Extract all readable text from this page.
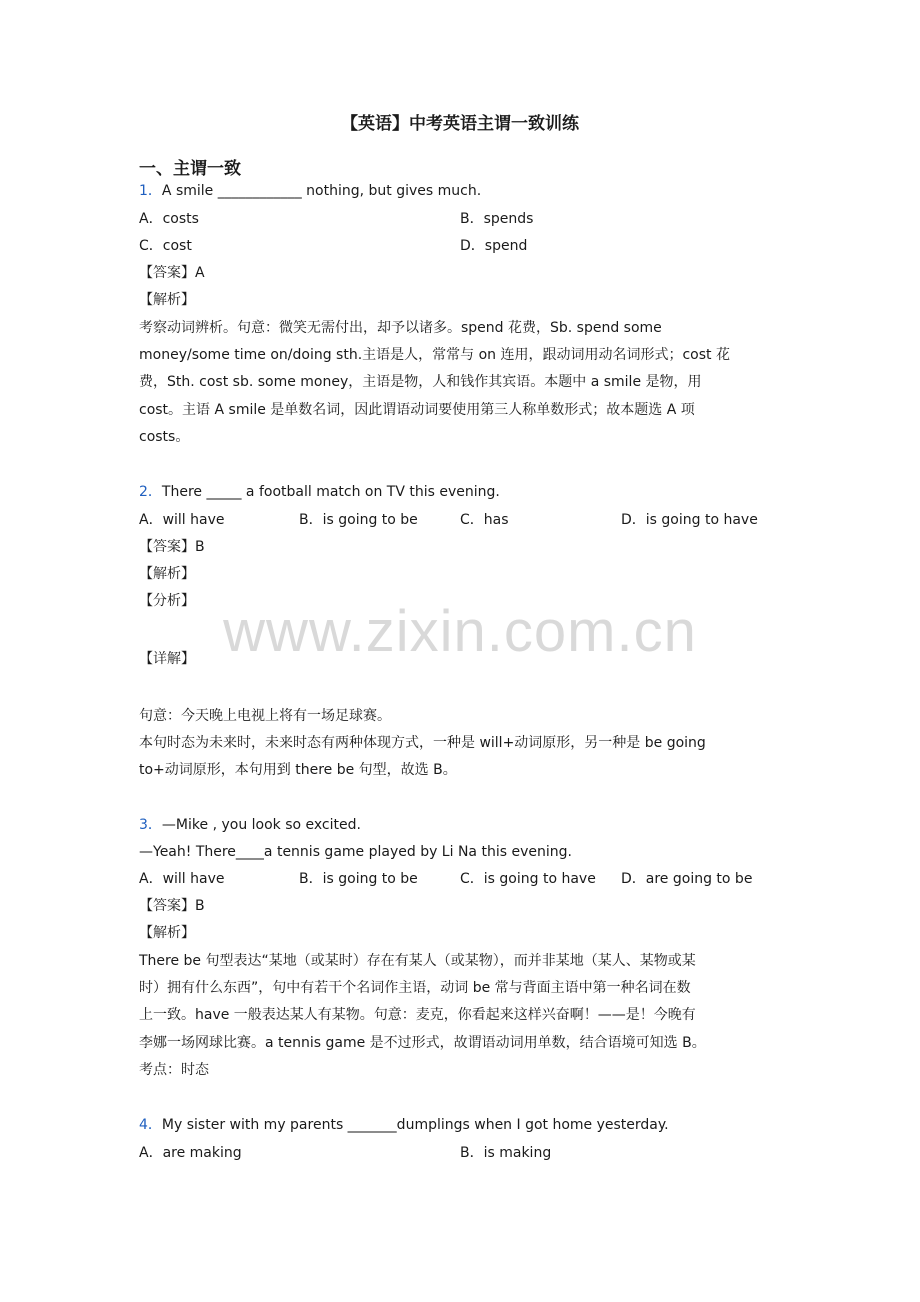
【英语】中考英语主谓一致训练
一、主谓一致
1．A smile ____________ nothing, but gives much.
A．costs	B．spends
C．cost	D．spend
【答案】A
【解析】
考察动词辨析。句意：微笑无需付出，却予以诸多。spend 花费，Sb. spend some
money/some time on/doing sth.主语是人，常常与 on 连用，跟动词用动名词形式；cost 花
费，Sth. cost sb. some money，主语是物，人和钱作其宾语。本题中 a smile 是物，用
cost。主语 A smile 是单数名词，因此谓语动词要使用第三人称单数形式；故本题选 A 项
costs。
2．There _____ a football match on TV this evening.
A．will have	B．is going to be	C．has	D．is going to have
【答案】B
【解析】
【分析】
【详解】
句意：今天晚上电视上将有一场足球赛。
本句时态为未来时，未来时态有两种体现方式，一种是 will+动词原形，另一种是 be going
to+动词原形，本句用到 there be 句型，故选 B。
3．—Mike , you look so excited.
—Yeah! There____a tennis game played by Li Na this evening.
A．will have	B．is going to be	C．is going to have D．are going to be
【答案】B
【解析】
There be 句型表达“某地（或某时）存在有某人（或某物），而并非某地（某人、某物或某
时）拥有什么东西”，句中有若干个名词作主语，动词 be 常与背面主语中第一种名词在数
上一致。have 一般表达某人有某物。句意：麦克，你看起来这样兴奋啊！——是！今晚有
李娜一场网球比赛。a tennis game 是不过形式，故谓语动词用单数，结合语境可知选 B。
考点：时态
4．My sister with my parents _______dumplings when I got home yesterday.
A．are making	B．is making
www.zixin.com.cn
